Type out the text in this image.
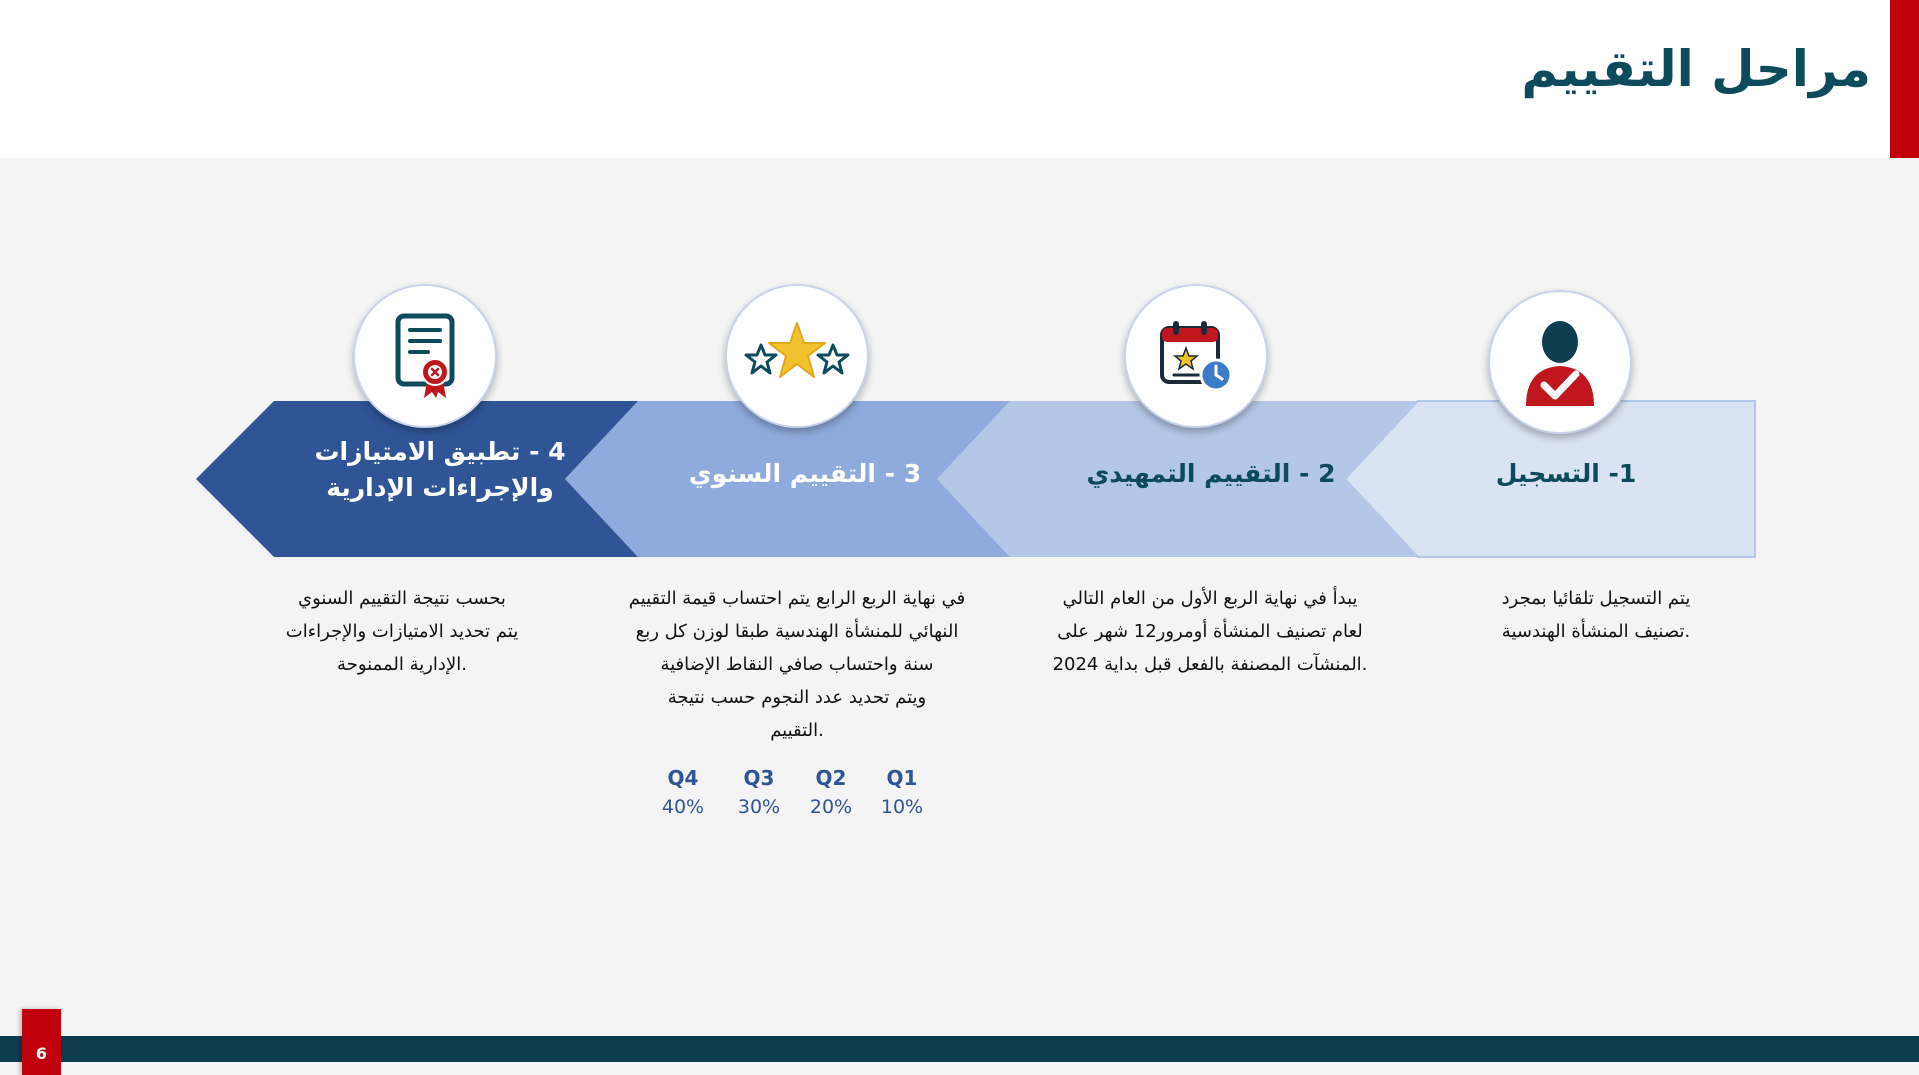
مراحل التقييم
1- التسجيل
2 - التقييم التمهيدي
3 - التقييم السنوي
4 - تطبيق الامتيازات
والإجراءات الإدارية
يتم التسجيل تلقائيا بمجرد
.تصنيف المنشأة الهندسية
يبدأ في نهاية الربع الأول من العام التالي
لعام تصنيف المنشأة أومرور12 شهر على
.المنشآت المصنفة بالفعل قبل بداية 2024
في نهاية الربع الرابع يتم احتساب قيمة التقييم
النهائي للمنشأة الهندسية طبقا لوزن كل ربع
سنة واحتساب صافي النقاط الإضافية
ويتم تحديد عدد النجوم حسب نتيجة
.التقييم
بحسب نتيجة التقييم السنوي
يتم تحديد الامتيازات والإجراءات
.الإدارية الممنوحة
Q4
40%
Q3
30%
Q2
20%
Q1
10%
6
